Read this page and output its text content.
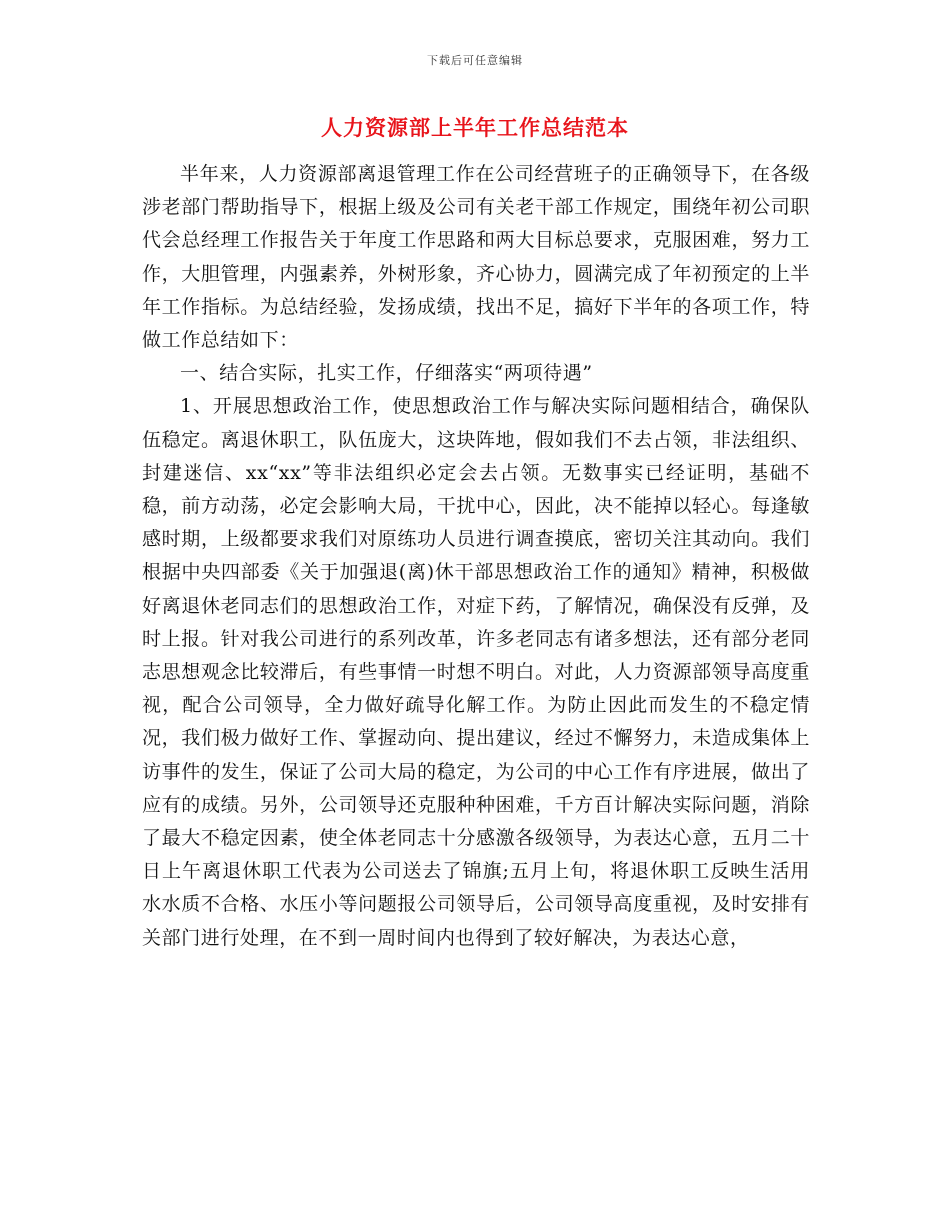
下载后可任意编辑
人力资源部上半年工作总结范本

半年来，人力资源部离退管理工作在公司经营班子的正确领导下，在各级涉老部门帮助指导下，根据上级及公司有关老干部工作规定，围绕年初公司职代会总经理工作报告关于年度工作思路和两大目标总要求，克服困难，努力工作，大胆管理，内强素养，外树形象，齐心协力，圆满完成了年初预定的上半年工作指标。为总结经验，发扬成绩，找出不足，搞好下半年的各项工作，特做工作总结如下：

一、结合实际，扎实工作，仔细落实“两项待遇”

1、开展思想政治工作，使思想政治工作与解决实际问题相结合，确保队伍稳定。离退休职工，队伍庞大，这块阵地，假如我们不去占领，非法组织、封建迷信、xx“xx”等非法组织必定会去占领。无数事实已经证明，基础不稳，前方动荡，必定会影响大局，干扰中心，因此，决不能掉以轻心。每逢敏感时期，上级都要求我们对原练功人员进行调查摸底，密切关注其动向。我们根据中央四部委《关于加强退(离)休干部思想政治工作的通知》精神，积极做好离退休老同志们的思想政治工作，对症下药，了解情况，确保没有反弹，及时上报。针对我公司进行的系列改革，许多老同志有诸多想法，还有部分老同志思想观念比较滞后，有些事情一时想不明白。对此，人力资源部领导高度重视，配合公司领导，全力做好疏导化解工作。为防止因此而发生的不稳定情况，我们极力做好工作、掌握动向、提出建议，经过不懈努力，未造成集体上访事件的发生，保证了公司大局的稳定，为公司的中心工作有序进展，做出了应有的成绩。另外，公司领导还克服种种困难，千方百计解决实际问题，消除了最大不稳定因素，使全体老同志十分感激各级领导，为表达心意，五月二十日上午离退休职工代表为公司送去了锦旗;五月上旬，将退休职工反映生活用水水质不合格、水压小等问题报公司领导后，公司领导高度重视，及时安排有关部门进行处理，在不到一周时间内也得到了较好解决，为表达心意，
